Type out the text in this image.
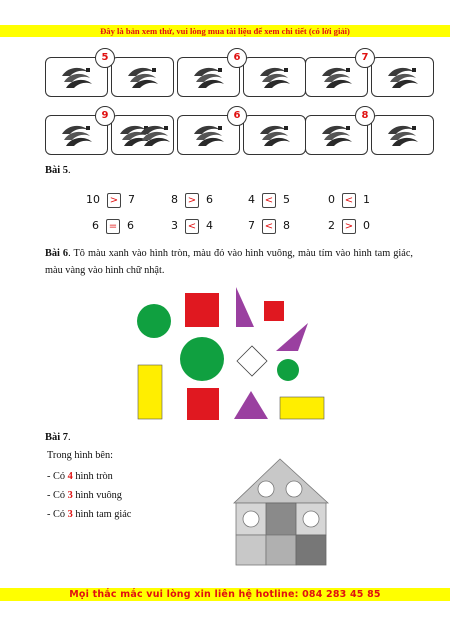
Đây là bản xem thử, vui lòng mua tài liệu để xem chi tiết (có lời giải)
5	6	7
9	6	8
Bài 5.
10 > 7	8 > 6	4 < 5	0 < 1
6 = 6	3 < 4	7 < 8	2 > 0
Bài 6. Tô màu xanh vào hình tròn, màu đỏ vào hình vuông, màu tím vào hình tam giác, màu vàng vào hình chữ nhật.
Bài 7.
Trong hình bên:
- Có 4 hình tròn
- Có 3 hình vuông
- Có 3 hình tam giác
Mọi thắc mắc vui lòng xin liên hệ hotline: 084 283 45 85
